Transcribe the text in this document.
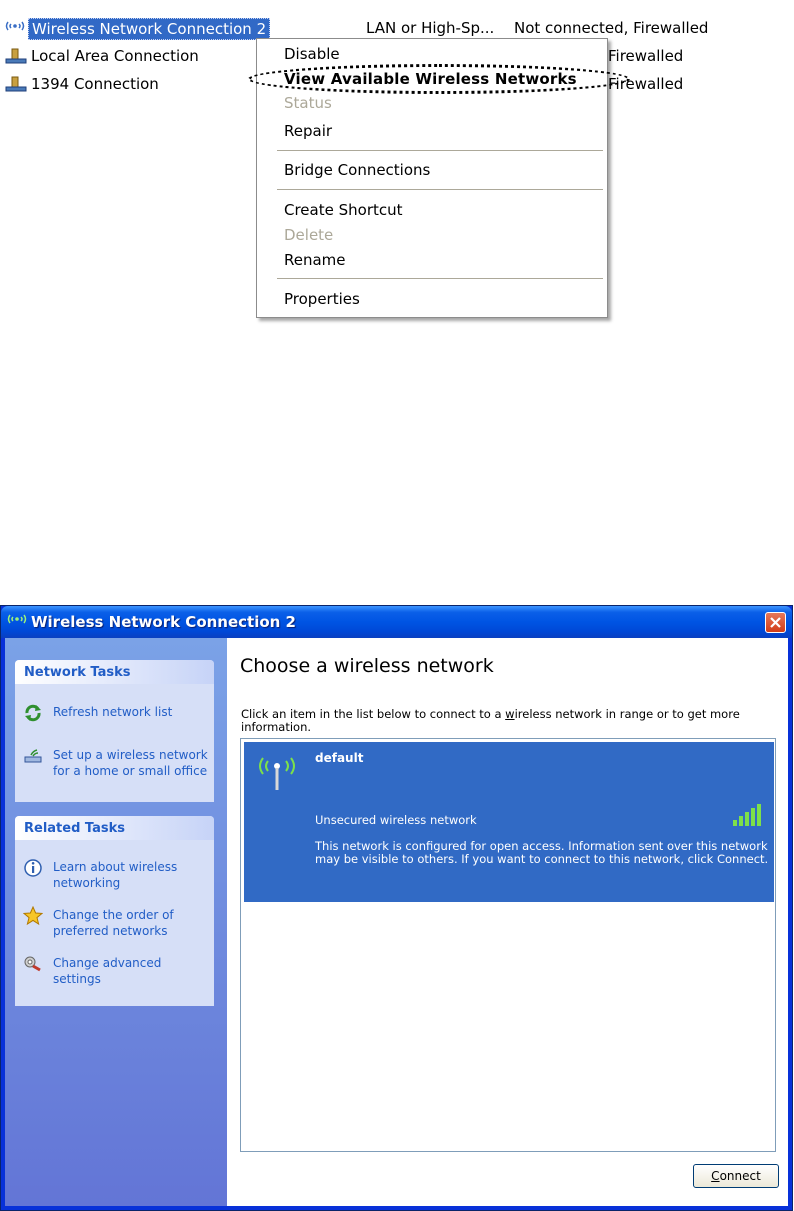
Wireless Network Connection 2	LAN or High-Sp... Not connected, Firewalled
Local Area Connection	Firewalled
1394 Connection	Firewalled
Disable
View Available Wireless Networks
Status
Repair
Bridge Connections
Create Shortcut
Delete
Rename
Properties
Wireless Network Connection 2
Network Tasks
Refresh network list
Set up a wireless network for a home or small office
Related Tasks
Learn about wireless networking
Change the order of preferred networks
Change advanced settings
Choose a wireless network
Click an item in the list below to connect to a wireless network in range or to get more information.
default
Unsecured wireless network
This network is configured for open access. Information sent over this network may be visible to others. If you want to connect to this network, click Connect.
C onnect
